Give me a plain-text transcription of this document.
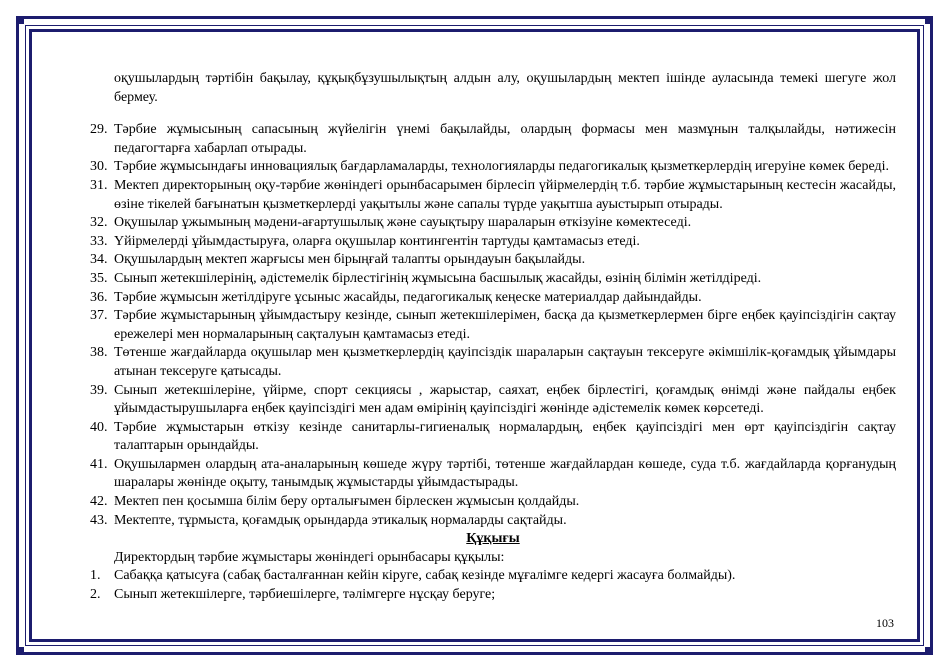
оқушылардың тәртібін бақылау, құқықбұзушылықтың алдын алу, оқушылардың мектеп ішінде ауласында темекі шегуге жол бермеу.

29. Тәрбие жұмысының сапасының жүйелігін үнемі бақылайды, олардың формасы мен мазмұнын талқылайды, нәтижесін педагогтарға хабарлап отырады.
30. Тәрбие жұмысындағы инновациялық бағдарламаларды, технологияларды педагогикалық қызметкерлердің игеруіне көмек береді.
31. Мектеп директорының оқу-тәрбие жөніндегі орынбасарымен бірлесіп үйірмелердің т.б. тәрбие жұмыстарының кестесін жасайды, өзіне тікелей бағынатын қызметкерлерді уақытылы және сапалы түрде уақытша ауыстырып отырады.
32. Оқушылар ұжымының мәдени-ағартушылық және сауықтыру шараларын өткізуіне көмектеседі.
33. Үйірмелерді ұйымдастыруға, оларға оқушылар контингентін тартуды қамтамасыз етеді.
34. Оқушылардың мектеп жарғысы мен бірыңғай талапты орындауын бақылайды.
35. Сынып жетекшілерінің, әдістемелік бірлестігінің жұмысына басшылық жасайды, өзінің білімін жетілдіреді.
36. Тәрбие жұмысын жетілдіруге ұсыныс жасайды, педагогикалық кеңеске материалдар дайындайды.
37. Тәрбие жұмыстарының ұйымдастыру кезінде, сынып жетекшілерімен, басқа да қызметкерлермен бірге еңбек қауіпсіздігін сақтау ережелері мен нормаларының сақталуын қамтамасыз етеді.
38. Төтенше жағдайларда оқушылар мен қызметкерлердің қауіпсіздік шараларын сақтауын тексеруге әкімшілік-қоғамдық ұйымдары атынан тексеруге қатысады.
39. Сынып жетекшілеріне, үйірме, спорт секциясы , жарыстар, саяхат, еңбек бірлестігі, қоғамдық өнімді және пайдалы еңбек ұйымдастырушыларға еңбек қауіпсіздігі мен адам өмірінің қауіпсіздігі жөнінде әдістемелік көмек көрсетеді.
40. Тәрбие жұмыстарын өткізу кезінде санитарлы-гигиеналық нормалардың, еңбек қауіпсіздігі мен өрт қауіпсіздігін сақтау талаптарын орындайды.
41. Оқушылармен олардың ата-аналарының көшеде жүру тәртібі, төтенше жағдайлардан көшеде, суда т.б. жағдайларда қорғанудың шаралары жөнінде оқыту, танымдық жұмыстарды ұйымдастырады.
42. Мектеп пен қосымша білім беру орталығымен бірлескен жұмысын қолдайды.
43. Мектепте, тұрмыста, қоғамдық орындарда этикалық нормаларды сақтайды.

Құқығы

Директордың тәрбие жұмыстары жөніндегі орынбасары құқылы:

1. Сабаққа қатысуға (сабақ басталғаннан кейін кіруге, сабақ кезінде мұғалімге кедергі жасауға болмайды).
2. Сынып жетекшілерге, тәрбиешілерге, тәлімгерге нұсқау беруге;
103
